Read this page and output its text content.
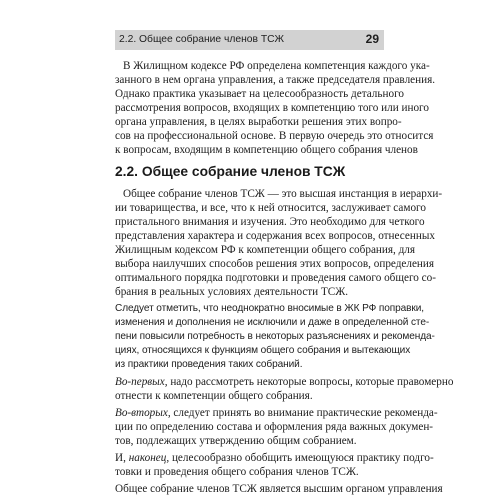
2.2. Общее собрание членов ТСЖ	29

В Жилищном кодексе РФ определена компетенция каждого ука-

занного в нем органа управления, а также председателя правления.

Однако практика указывает на целесообразность детального

рассмотрения вопросов, входящих в компетенцию того или иного

органа управления, в целях выработки решения этих вопро-

сов на профессиональной основе. В первую очередь это относится

к вопросам, входящим в компетенцию общего собрания членов

2.2. Общее собрание членов ТСЖ

Общее собрание членов ТСЖ — это высшая инстанция в иерархи-

ии товарищества, и все, что к ней относится, заслуживает самого

пристального внимания и изучения. Это необходимо для четкого

представления характера и содержания всех вопросов, отнесенных

Жилищным кодексом РФ к компетенции общего собрания, для

выбора наилучших способов решения этих вопросов, определения

оптимального порядка подготовки и проведения самого общего со-

брания в реальных условиях деятельности ТСЖ.

Следует отметить, что неоднократно вносимые в ЖК РФ поправки,

изменения и дополнения не исключили и даже в определенной сте-

пени повысили потребность в некоторых разъяснениях и рекоменда-

циях, относящихся к функциям общего собрания и вытекающих

из практики проведения таких собраний.

Во-первых, надо рассмотреть некоторые вопросы, которые правомерно

отнести к компетенции общего собрания.

Во-вторых, следует принять во внимание практические рекоменда-

ции по определению состава и оформления ряда важных докумен-

тов, подлежащих утверждению общим собранием.

И, наконец, целесообразно обобщить имеющуюся практику подго-

товки и проведения общего собрания членов ТСЖ.

Общее собрание членов ТСЖ является высшим органом управления
